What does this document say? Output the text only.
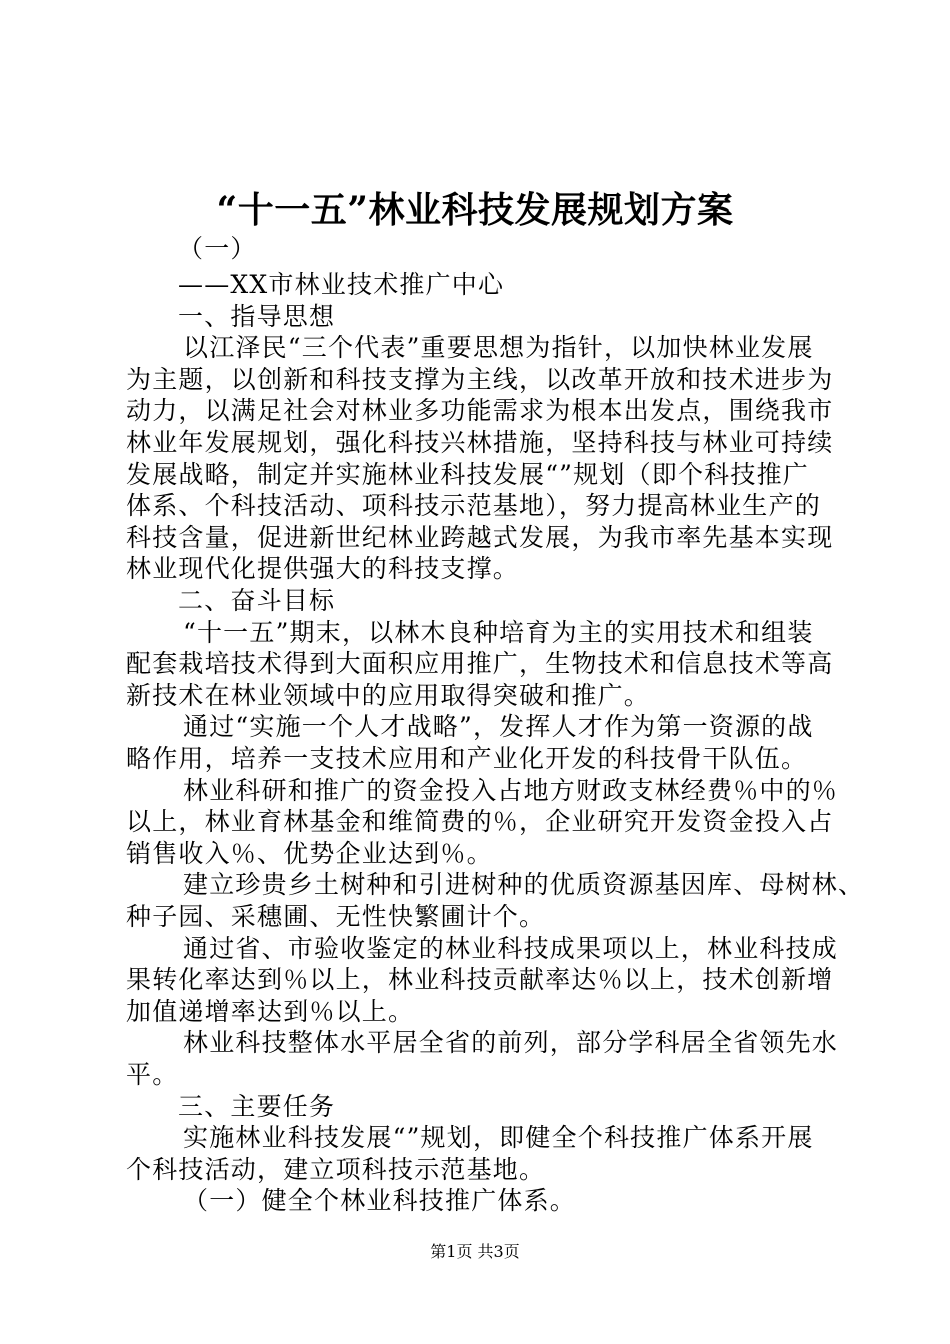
“十一五”林业科技发展规划方案
（一）
——XX市林业技术推广中心
一、指导思想
以江泽民“三个代表”重要思想为指针，以加快林业发展
为主题，以创新和科技支撑为主线，以改革开放和技术进步为
动力，以满足社会对林业多功能需求为根本出发点，围绕我市
林业年发展规划，强化科技兴林措施，坚持科技与林业可持续
发展战略，制定并实施林业科技发展“”规划（即个科技推广
体系、个科技活动、项科技示范基地），努力提高林业生产的
科技含量，促进新世纪林业跨越式发展，为我市率先基本实现
林业现代化提供强大的科技支撑。
二、奋斗目标
“十一五”期末，以林木良种培育为主的实用技术和组装
配套栽培技术得到大面积应用推广，生物技术和信息技术等高
新技术在林业领域中的应用取得突破和推广。
通过“实施一个人才战略”，发挥人才作为第一资源的战
略作用，培养一支技术应用和产业化开发的科技骨干队伍。
林业科研和推广的资金投入占地方财政支林经费％中的％
以上，林业育林基金和维简费的％，企业研究开发资金投入占
销售收入％、优势企业达到％。
建立珍贵乡土树种和引进树种的优质资源基因库、母树林、
种子园、采穗圃、无性快繁圃计个。
通过省、市验收鉴定的林业科技成果项以上，林业科技成
果转化率达到％以上，林业科技贡献率达％以上，技术创新增
加值递增率达到％以上。
林业科技整体水平居全省的前列，部分学科居全省领先水
平。
三、主要任务
实施林业科技发展“”规划，即健全个科技推广体系开展
个科技活动，建立项科技示范基地。
（一）健全个林业科技推广体系。
第1页 共3页
